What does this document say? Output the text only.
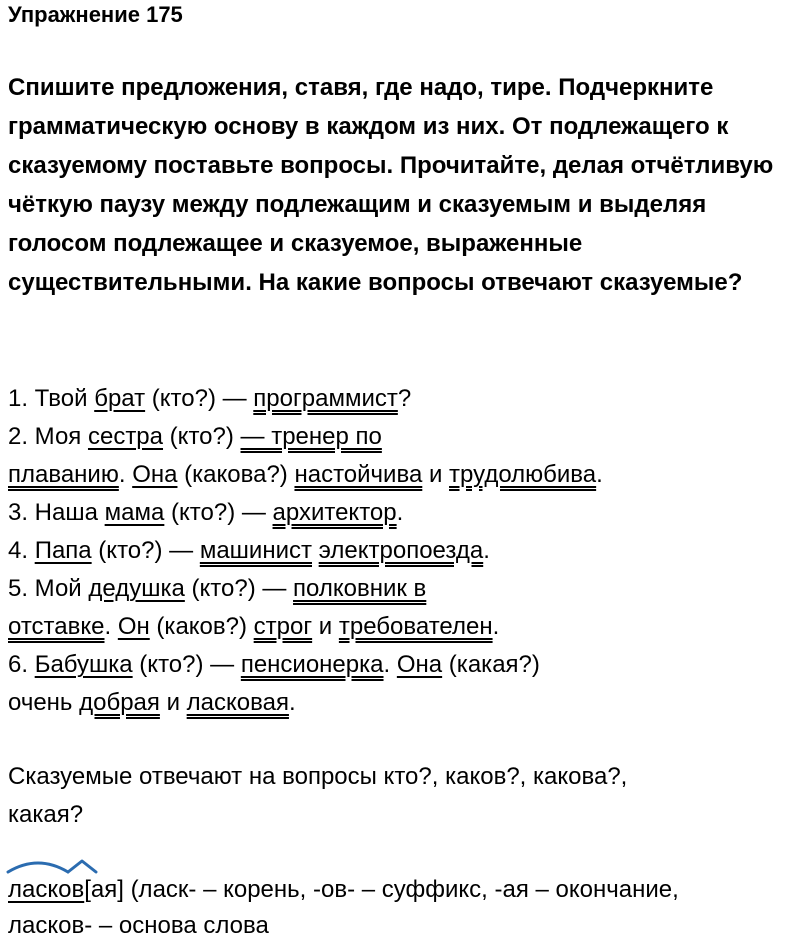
Упражнение 175

Спишите предложения, ставя, где надо, тире. Подчеркните грамматическую основу в каждом из них. От подлежащего к сказуемому поставьте вопросы. Прочитайте, делая отчётливую чёткую паузу между подлежащим и сказуемым и выделяя голосом подлежащее и сказуемое, выраженные существительными. На какие вопросы отвечают сказуемые?

1. Твой брат (кто?) — программист?
2. Моя сестра (кто?) — тренер по
плаванию. Она (какова?) настойчива и трудолюбива.
3. Наша мама (кто?) — архитектор.
4. Папа (кто?) — машинист электропоезда.
5. Мой дедушка (кто?) — полковник в
отставке. Он (каков?) строг и требователен.
6. Бабушка (кто?) — пенсионерка. Она (какая?)
очень добрая и ласковая.
Сказуемые отвечают на вопросы кто?, каков?, какова?,
какая?
ласков[ая] (ласк- – корень, -ов- – суффикс, -ая – окончание,
ласков- – основа слова
